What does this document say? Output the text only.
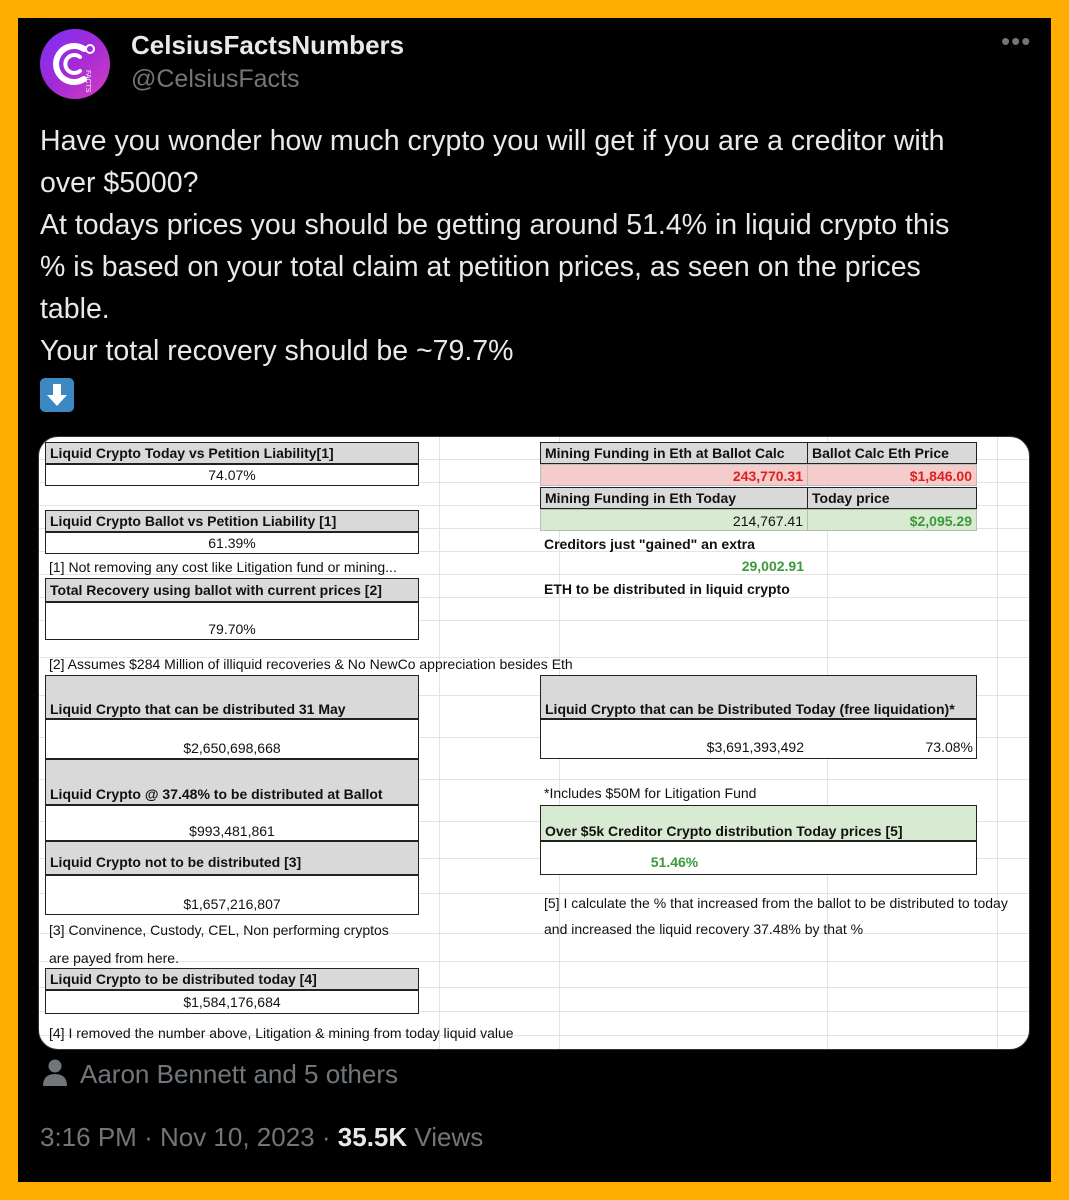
FACTS
CelsiusFactsNumbers
@CelsiusFacts
•••
Have you wonder how much crypto you will get if you are a creditor with
over $5000?
At todays prices you should be getting around 51.4% in liquid crypto this
% is based on your total claim at petition prices, as seen on the prices
table.
Your total recovery should be ~79.7%
Liquid Crypto Today vs Petition Liability[1]
74.07%
Liquid Crypto Ballot vs Petition Liability [1]
61.39%
[1] Not removing any cost like Litigation fund or mining...
Total Recovery using ballot with current prices [2]
79.70%
[2] Assumes $284 Million of illiquid recoveries & No NewCo appreciation besides Eth
Liquid Crypto that can be distributed 31 May
$2,650,698,668
Liquid Crypto @ 37.48% to be distributed at Ballot
$993,481,861
Liquid Crypto not to be distributed [3]
$1,657,216,807
[3] Convinence, Custody, CEL, Non performing cryptos
are payed from here.
Liquid Crypto to be distributed today [4]
$1,584,176,684
[4] I removed the number above, Litigation & mining from today liquid value
Mining Funding in Eth at Ballot Calc	Ballot Calc Eth Price
243,770.31	$1,846.00
Mining Funding in Eth Today	Today price
214,767.41	$2,095.29
Creditors just "gained" an extra
29,002.91
ETH to be distributed in liquid crypto
Liquid Crypto that can be Distributed Today (free liquidation)*
$3,691,393,492	73.08%
*Includes $50M for Litigation Fund
Over $5k Creditor Crypto distribution Today prices [5]
51.46%
[5] I calculate the % that increased from the ballot to be distributed to today
and increased the liquid recovery 37.48% by that %
Aaron Bennett and 5 others
3:16 PM · Nov 10, 2023 · 35.5K Views
